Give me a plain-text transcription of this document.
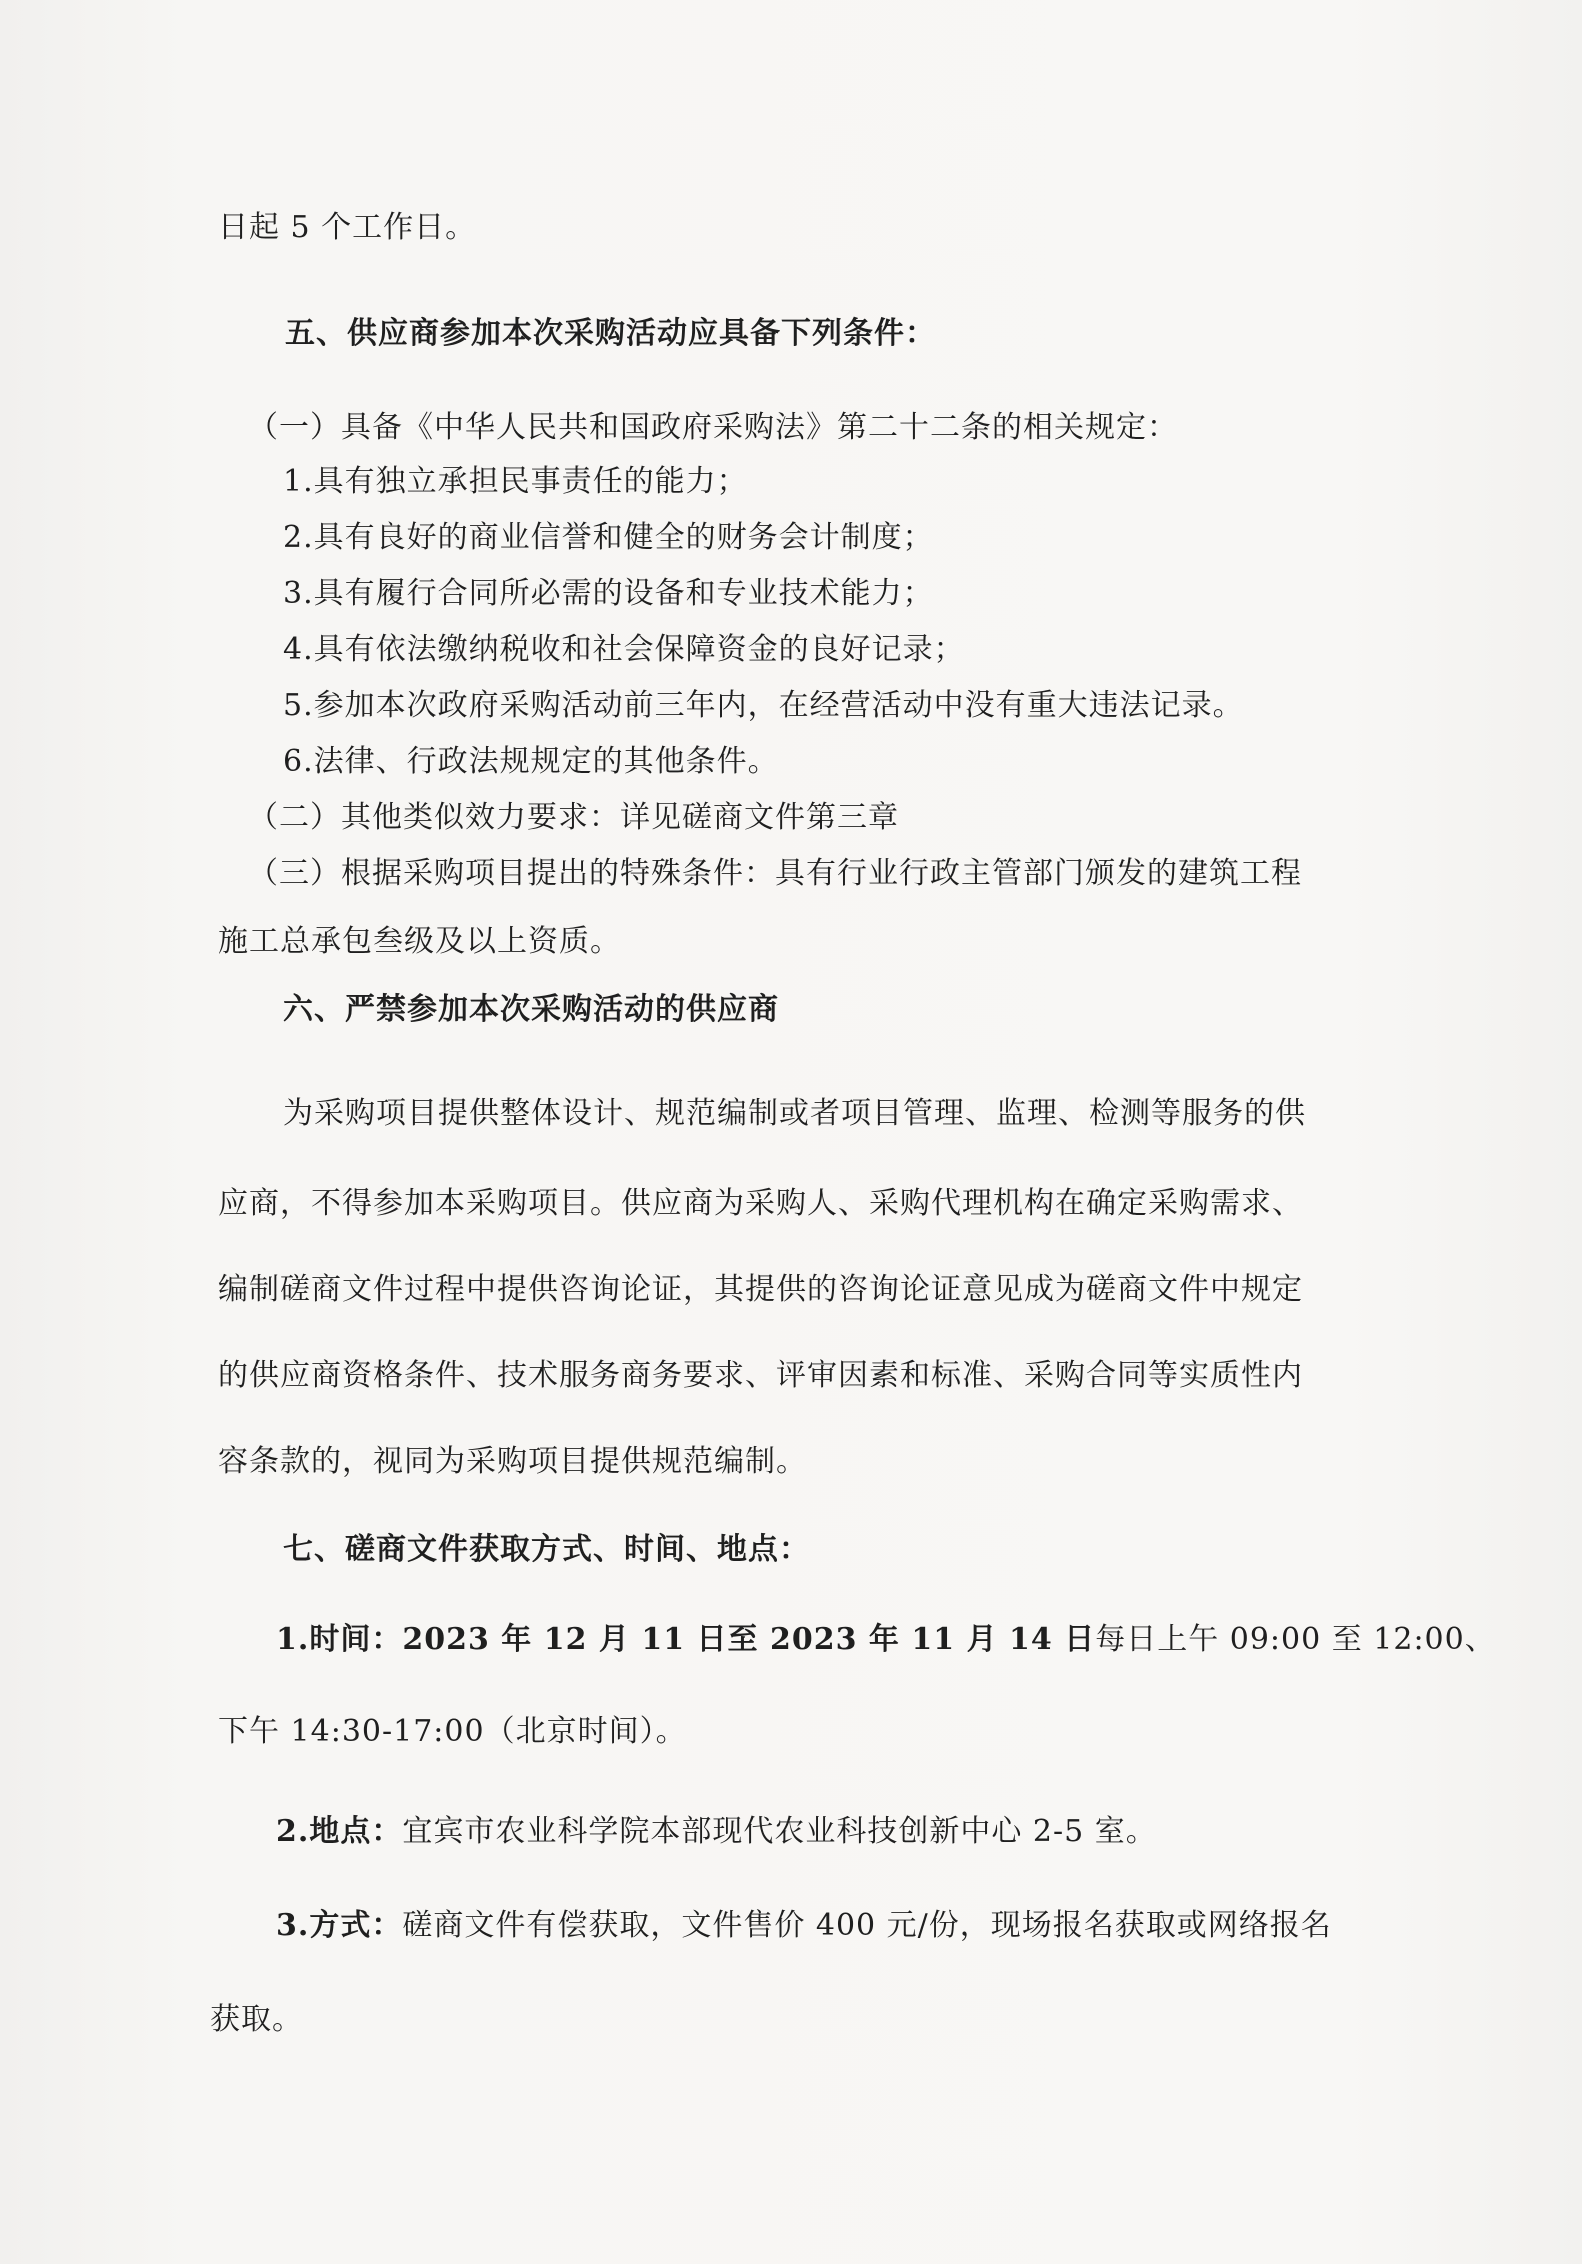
日起 5 个工作日。
五、供应商参加本次采购活动应具备下列条件：
（一）具备《中华人民共和国政府采购法》第二十二条的相关规定：
1.具有独立承担民事责任的能力；
2.具有良好的商业信誉和健全的财务会计制度；
3.具有履行合同所必需的设备和专业技术能力；
4.具有依法缴纳税收和社会保障资金的良好记录；
5.参加本次政府采购活动前三年内，在经营活动中没有重大违法记录。
6.法律、行政法规规定的其他条件。
（二）其他类似效力要求：详见磋商文件第三章
（三）根据采购项目提出的特殊条件：具有行业行政主管部门颁发的建筑工程
施工总承包叁级及以上资质。
六、严禁参加本次采购活动的供应商
为采购项目提供整体设计、规范编制或者项目管理、监理、检测等服务的供
应商，不得参加本采购项目。供应商为采购人、采购代理机构在确定采购需求、
编制磋商文件过程中提供咨询论证，其提供的咨询论证意见成为磋商文件中规定
的供应商资格条件、技术服务商务要求、评审因素和标准、采购合同等实质性内
容条款的，视同为采购项目提供规范编制。
七、磋商文件获取方式、时间、地点：
1.时间：2023 年 12 月 11 日至 2023 年 11 月 14 日每日上午 09:00 至 12:00、
下午 14:30-17:00（北京时间）。
2.地点：宜宾市农业科学院本部现代农业科技创新中心 2-5 室。
3.方式：磋商文件有偿获取，文件售价 400 元/份，现场报名获取或网络报名
获取。
